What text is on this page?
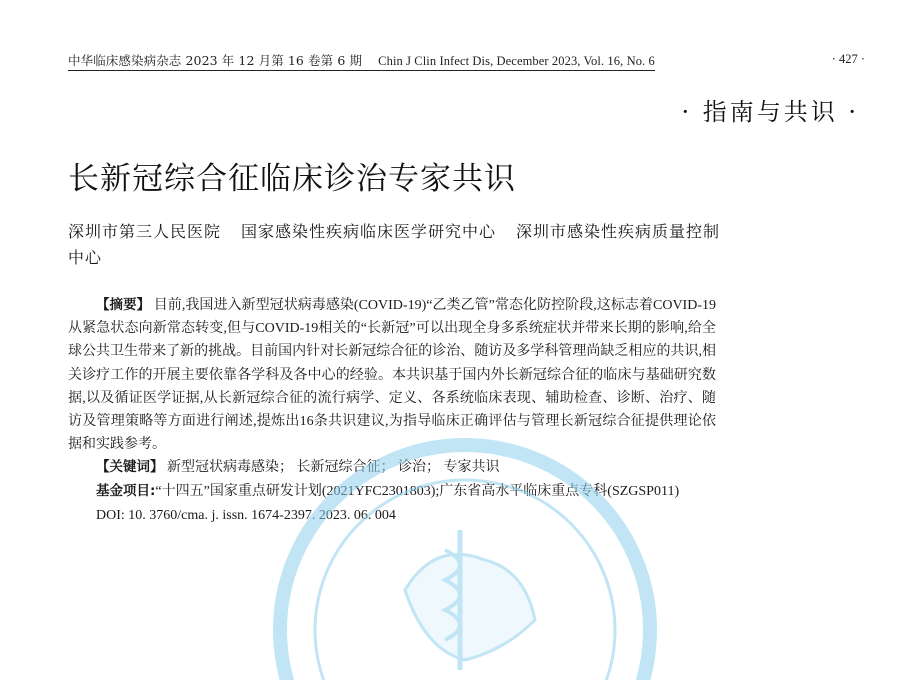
中华临床感染病杂志 2023 年 12 月第 16 卷第 6 期 Chin J Clin Infect Dis, December 2023, Vol. 16, No. 6	· 427 ·
· 指南与共识 ·
长新冠综合征临床诊治专家共识
深圳市第三人民医院 国家感染性疾病临床医学研究中心 深圳市感染性疾病质量控制中心

【摘要】 目前,我国进入新型冠状病毒感染(COVID-19)“乙类乙管”常态化防控阶段,这标志着COVID-19从紧急状态向新常态转变,但与COVID-19相关的“长新冠”可以出现全身多系统症状并带来长期的影响,给全球公共卫生带来了新的挑战。目前国内针对长新冠综合征的诊治、随访及多学科管理尚缺乏相应的共识,相关诊疗工作的开展主要依靠各学科及各中心的经验。本共识基于国内外长新冠综合征的临床与基础研究数据,以及循证医学证据,从长新冠综合征的流行病学、定义、各系统临床表现、辅助检查、诊断、治疗、随访及管理策略等方面进行阐述,提炼出16条共识建议,为指导临床正确评估与管理长新冠综合征提供理论依据和实践参考。

【关键词】 新型冠状病毒感染 ； 长新冠综合征 ； 诊治 ； 专家共识

基金项目:“十四五”国家重点研发计划(2021YFC2301803);广东省高水平临床重点专科(SZGSP011)

DOI: 10. 3760/cma. j. issn. 1674-2397. 2023. 06. 004
